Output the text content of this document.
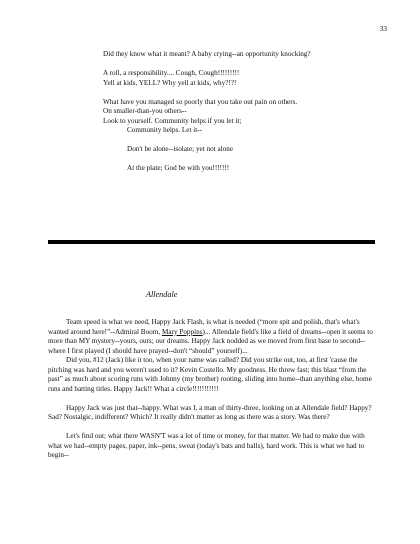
33
Did they know what it meant? A baby crying--an opportunity knocking?
A roll, a responsibility.... Cough, Cough!!!!!!!!!
Yell at kids, YELL? Why yell at kids, why?!?!
What have you managed so poorly that you take out pain on others.
On smaller-than-you others--
Look to yourself. Community helps if you let it;
Community helps. Let it--
Don't be alone--isolate; yet not alone
At the plate; God be with you!!!!!!!
Allendale

Team speed is what we need, Happy Jack Flash, is what is needed (“more spit and polish, that's what's wanted around here!”--Admiral Boom, Mary Poppins)... Allendale field's like a field of dreams--open it seems to more than MY mystery--yours, ours; our dreams. Happy Jack nodded as we moved from first base to second--where I first played (I should have prayed--don't “should” yourself)...

Did you, #12 (Jack) like it too, when your name was called? Did you strike out, too, at first 'cause the pitching was hard and you weren't used to it? Kevin Costello. My goodness. He threw fast; this blast “from the past” as much about scoring runs with Johnny (my brother) rooting, sliding into home--than anything else, home runs and batting titles. Happy Jack!! What a circle!!!!!!!!!!!

Happy Jack was just that--happy. What was I, a man of thirty-three, looking on at Allendale field? Happy? Sad? Nostalgic, indifferent? Which? It really didn't matter as long as there was a story. Was there?

Let's find out; what there WASN'T was a lot of time or money, for that matter. We had to make due with what we had--empty pages, paper, ink--pens, sweat (today's bats and balls), hard work. This is what we had to begin--
